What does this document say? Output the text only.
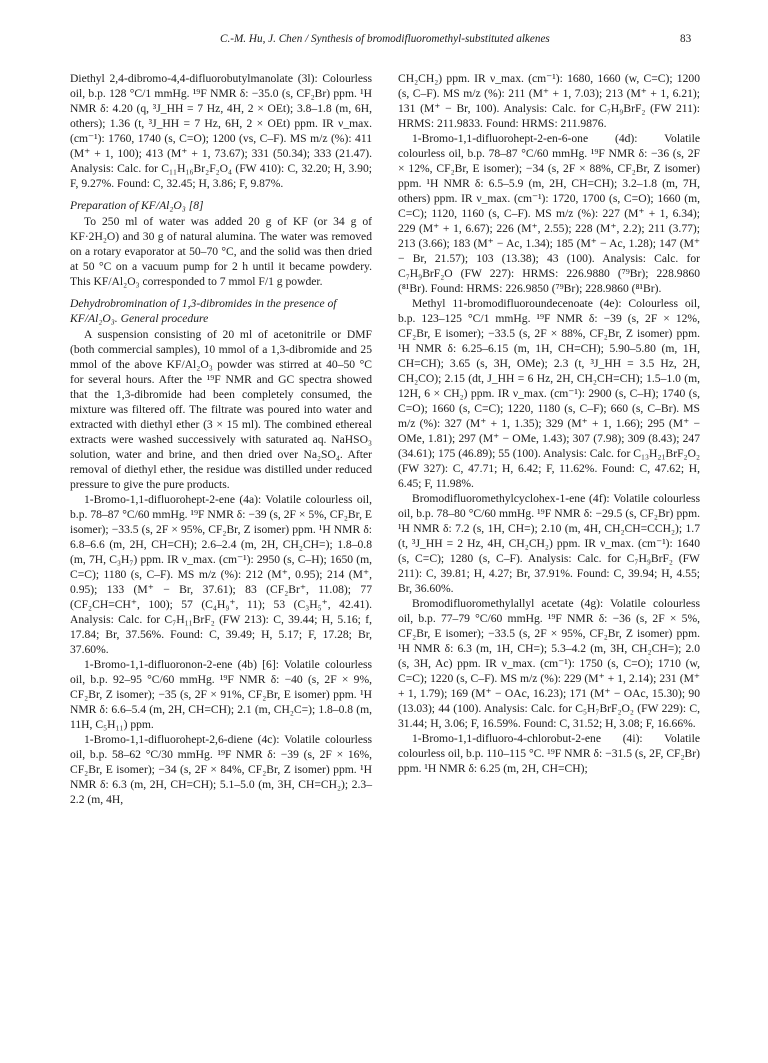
C.-M. Hu, J. Chen / Synthesis of bromodifluoromethyl-substituted alkenes	83

Diethyl 2,4-dibromo-4,4-difluorobutylmanolate (3l): Colourless oil, b.p. 128 °C/1 mmHg. ¹⁹F NMR δ: −35.0 (s, CF₂Br) ppm. ¹H NMR δ: 4.20 (q, ³J_HH = 7 Hz, 4H, 2 × OEt); 3.8–1.8 (m, 6H, others); 1.36 (t, ³J_HH = 7 Hz, 6H, 2 × OEt) ppm. IR ν_max. (cm⁻¹): 1760, 1740 (s, C=O); 1200 (vs, C–F). MS m/z (%): 411 (M⁺ + 1, 100); 413 (M⁺ + 1, 73.67); 331 (50.34); 333 (21.47). Analysis: Calc. for C₁₁H₁₆Br₂F₂O₄ (FW 410): C, 32.20; H, 3.90; F, 9.27%. Found: C, 32.45; H, 3.86; F, 9.87%.

Preparation of KF/Al₂O₃ [8]

To 250 ml of water was added 20 g of KF (or 34 g of KF·2H₂O) and 30 g of natural alumina. The water was removed on a rotary evaporator at 50–70 °C, and the solid was then dried at 50 °C on a vacuum pump for 2 h until it became powdery. This KF/Al₂O₃ corresponded to 7 mmol F/1 g powder.

Dehydrobromination of 1,3-dibromides in the presence of KF/Al₂O₃. General procedure

A suspension consisting of 20 ml of acetonitrile or DMF (both commercial samples), 10 mmol of a 1,3-dibromide and 25 mmol of the above KF/Al₂O₃ powder was stirred at 40–50 °C for several hours. After the ¹⁹F NMR and GC spectra showed that the 1,3-dibromide had been completely consumed, the mixture was filtered off. The filtrate was poured into water and extracted with diethyl ether (3 × 15 ml). The combined ethereal extracts were washed successively with saturated aq. NaHSO₃ solution, water and brine, and then dried over Na₂SO₄. After removal of diethyl ether, the residue was distilled under reduced pressure to give the pure products.

1-Bromo-1,1-difluorohept-2-ene (4a): Volatile colourless oil, b.p. 78–87 °C/60 mmHg. ¹⁹F NMR δ: −39 (s, 2F × 5%, CF₂Br, E isomer); −33.5 (s, 2F × 95%, CF₂Br, Z isomer) ppm. ¹H NMR δ: 6.8–6.6 (m, 2H, CH=CH); 2.6–2.4 (m, 2H, CH₂CH=); 1.8–0.8 (m, 7H, C₃H₇) ppm. IR ν_max. (cm⁻¹): 2950 (s, C–H); 1650 (m, C=C); 1180 (s, C–F). MS m/z (%): 212 (M⁺, 0.95); 214 (M⁺, 0.95); 133 (M⁺ − Br, 37.61); 83 (CF₂Br⁺, 11.08); 77 (CF₂CH=CH⁺, 100); 57 (C₄H₉⁺, 11); 53 (C₃H₅⁺, 42.41). Analysis: Calc. for C₇H₁₁BrF₂ (FW 213): C, 39.44; H, 5.16; f, 17.84; Br, 37.56%. Found: C, 39.49; H, 5.17; F, 17.28; Br, 37.60%.

1-Bromo-1,1-difluoronon-2-ene (4b) [6]: Volatile colourless oil, b.p. 92–95 °C/60 mmHg. ¹⁹F NMR δ: −40 (s, 2F × 9%, CF₂Br, Z isomer); −35 (s, 2F × 91%, CF₂Br, E isomer) ppm. ¹H NMR δ: 6.6–5.4 (m, 2H, CH=CH); 2.1 (m, CH₂C=); 1.8–0.8 (m, 11H, C₅H₁₁) ppm.

1-Bromo-1,1-difluorohept-2,6-diene (4c): Volatile colourless oil, b.p. 58–62 °C/30 mmHg. ¹⁹F NMR δ: −39 (s, 2F × 16%, CF₂Br, E isomer); −34 (s, 2F × 84%, CF₂Br, Z isomer) ppm. ¹H NMR δ: 6.3 (m, 2H, CH=CH); 5.1–5.0 (m, 3H, CH=CH₂); 2.3–2.2 (m, 4H,

CH₂CH₂) ppm. IR ν_max. (cm⁻¹): 1680, 1660 (w, C=C); 1200 (s, C–F). MS m/z (%): 211 (M⁺ + 1, 7.03); 213 (M⁺ + 1, 6.21); 131 (M⁺ − Br, 100). Analysis: Calc. for C₇H₉BrF₂ (FW 211): HRMS: 211.9833. Found: HRMS: 211.9876.

1-Bromo-1,1-difluorohept-2-en-6-one (4d): Volatile colourless oil, b.p. 78–87 °C/60 mmHg. ¹⁹F NMR δ: −36 (s, 2F × 12%, CF₂Br, E isomer); −34 (s, 2F × 88%, CF₂Br, Z isomer) ppm. ¹H NMR δ: 6.5–5.9 (m, 2H, CH=CH); 3.2–1.8 (m, 7H, others) ppm. IR ν_max. (cm⁻¹): 1720, 1700 (s, C=O); 1660 (m, C=C); 1120, 1160 (s, C–F). MS m/z (%): 227 (M⁺ + 1, 6.34); 229 (M⁺ + 1, 6.67); 226 (M⁺, 2.55); 228 (M⁺, 2.2); 211 (3.77); 213 (3.66); 183 (M⁺ − Ac, 1.34); 185 (M⁺ − Ac, 1.28); 147 (M⁺ − Br, 21.57); 103 (13.38); 43 (100). Analysis: Calc. for C₇H₉BrF₂O (FW 227): HRMS: 226.9880 (⁷⁹Br); 228.9860 (⁸¹Br). Found: HRMS: 226.9850 (⁷⁹Br); 228.9860 (⁸¹Br).

Methyl 11-bromodifluoroundecenoate (4e): Colourless oil, b.p. 123–125 °C/1 mmHg. ¹⁹F NMR δ: −39 (s, 2F × 12%, CF₂Br, E isomer); −33.5 (s, 2F × 88%, CF₂Br, Z isomer) ppm. ¹H NMR δ: 6.25–6.15 (m, 1H, CH=CH); 5.90–5.80 (m, 1H, CH=CH); 3.65 (s, 3H, OMe); 2.3 (t, ³J_HH = 3.5 Hz, 2H, CH₂CO); 2.15 (dt, J_HH = 6 Hz, 2H, CH₂CH=CH); 1.5–1.0 (m, 12H, 6 × CH₂) ppm. IR ν_max. (cm⁻¹): 2900 (s, C–H); 1740 (s, C=O); 1660 (s, C=C); 1220, 1180 (s, C–F); 660 (s, C–Br). MS m/z (%): 327 (M⁺ + 1, 1.35); 329 (M⁺ + 1, 1.66); 295 (M⁺ − OMe, 1.81); 297 (M⁺ − OMe, 1.43); 307 (7.98); 309 (8.43); 247 (34.61); 175 (46.89); 55 (100). Analysis: Calc. for C₁₃H₂₁BrF₂O₂ (FW 327): C, 47.71; H, 6.42; F, 11.62%. Found: C, 47.62; H, 6.45; F, 11.98%.

Bromodifluoromethylcyclohex-1-ene (4f): Volatile colourless oil, b.p. 78–80 °C/60 mmHg. ¹⁹F NMR δ: −29.5 (s, CF₂Br) ppm. ¹H NMR δ: 7.2 (s, 1H, CH=); 2.10 (m, 4H, CH₂CH=CCH₂); 1.7 (t, ³J_HH = 2 Hz, 4H, CH₂CH₂) ppm. IR ν_max. (cm⁻¹): 1640 (s, C=C); 1280 (s, C–F). Analysis: Calc. for C₇H₉BrF₂ (FW 211): C, 39.81; H, 4.27; Br, 37.91%. Found: C, 39.94; H, 4.55; Br, 36.60%.

Bromodifluoromethylallyl acetate (4g): Volatile colourless oil, b.p. 77–79 °C/60 mmHg. ¹⁹F NMR δ: −36 (s, 2F × 5%, CF₂Br, E isomer); −33.5 (s, 2F × 95%, CF₂Br, Z isomer) ppm. ¹H NMR δ: 6.3 (m, 1H, CH=); 5.3–4.2 (m, 3H, CH₂CH=); 2.0 (s, 3H, Ac) ppm. IR ν_max. (cm⁻¹): 1750 (s, C=O); 1710 (w, C=C); 1220 (s, C–F). MS m/z (%): 229 (M⁺ + 1, 2.14); 231 (M⁺ + 1, 1.79); 169 (M⁺ − OAc, 16.23); 171 (M⁺ − OAc, 15.30); 90 (13.03); 44 (100). Analysis: Calc. for C₅H₇BrF₂O₂ (FW 229): C, 31.44; H, 3.06; F, 16.59%. Found: C, 31.52; H, 3.08; F, 16.66%.

1-Bromo-1,1-difluoro-4-chlorobut-2-ene (4i): Volatile colourless oil, b.p. 110–115 °C. ¹⁹F NMR δ: −31.5 (s, 2F, CF₂Br) ppm. ¹H NMR δ: 6.25 (m, 2H, CH=CH);
